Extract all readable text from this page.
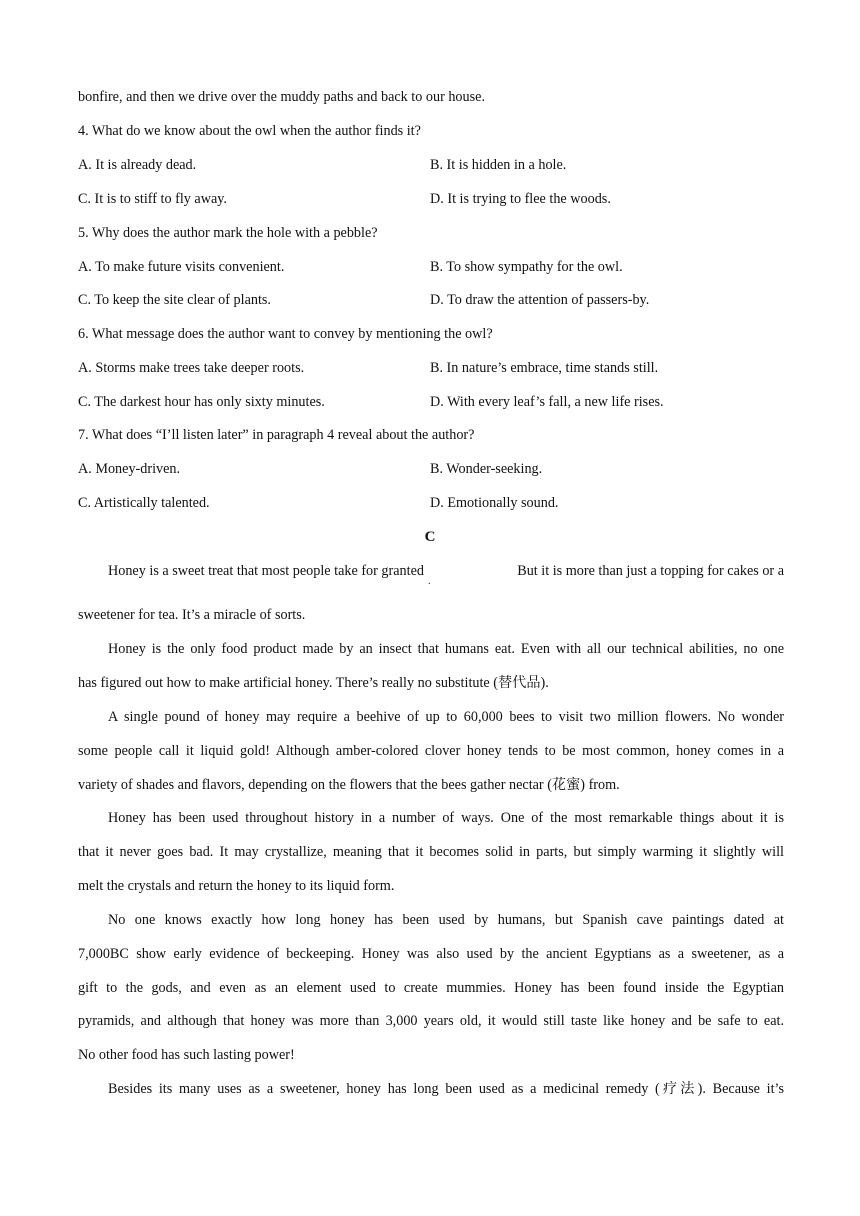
bonfire, and then we drive over the muddy paths and back to our house.
4. What do we know about the owl when the author finds it?
A. It is already dead.	B. It is hidden in a hole.
C. It is to stiff to fly away.	D. It is trying to flee the woods.
5. Why does the author mark the hole with a pebble?
A. To make future visits convenient.	B. To show sympathy for the owl.
C. To keep the site clear of plants.	D. To draw the attention of passers-by.
6. What message does the author want to convey by mentioning the owl?
A. Storms make trees take deeper roots.	B. In nature’s embrace, time stands still.
C. The darkest hour has only sixty minutes.	D. With every leaf’s fall, a new life rises.
7. What does “I’ll listen later” in paragraph 4 reveal about the author?
A. Money-driven.	B. Wonder-seeking.
C. Artistically talented.	D. Emotionally sound.
C
Honey is a sweet treat that most people take for granted$_.$
But it is more than just a topping for cakes or a
sweetener for tea. It’s a miracle of sorts.
Honey is the only food product made by an insect that humans eat. Even with all our technical abilities, no one
has figured out how to make artificial honey. There’s really no substitute (替代品).
A single pound of honey may require a beehive of up to 60,000 bees to visit two million flowers. No wonder
some people call it liquid gold! Although amber-colored clover honey tends to be most common, honey comes in a
variety of shades and flavors, depending on the flowers that the bees gather nectar (花蜜) from.
Honey has been used throughout history in a number of ways. One of the most remarkable things about it is
that it never goes bad. It may crystallize, meaning that it becomes solid in parts, but simply warming it slightly will
melt the crystals and return the honey to its liquid form.
No one knows exactly how long honey has been used by humans, but Spanish cave paintings dated at
7,000BC show early evidence of beckeeping. Honey was also used by the ancient Egyptians as a sweetener, as a
gift to the gods, and even as an element used to create mummies. Honey has been found inside the Egyptian
pyramids, and although that honey was more than 3,000 years old, it would still taste like honey and be safe to eat.
No other food has such lasting power!
Besides its many uses as a sweetener, honey has long been used as a medicinal remedy (疗法). Because it’s
